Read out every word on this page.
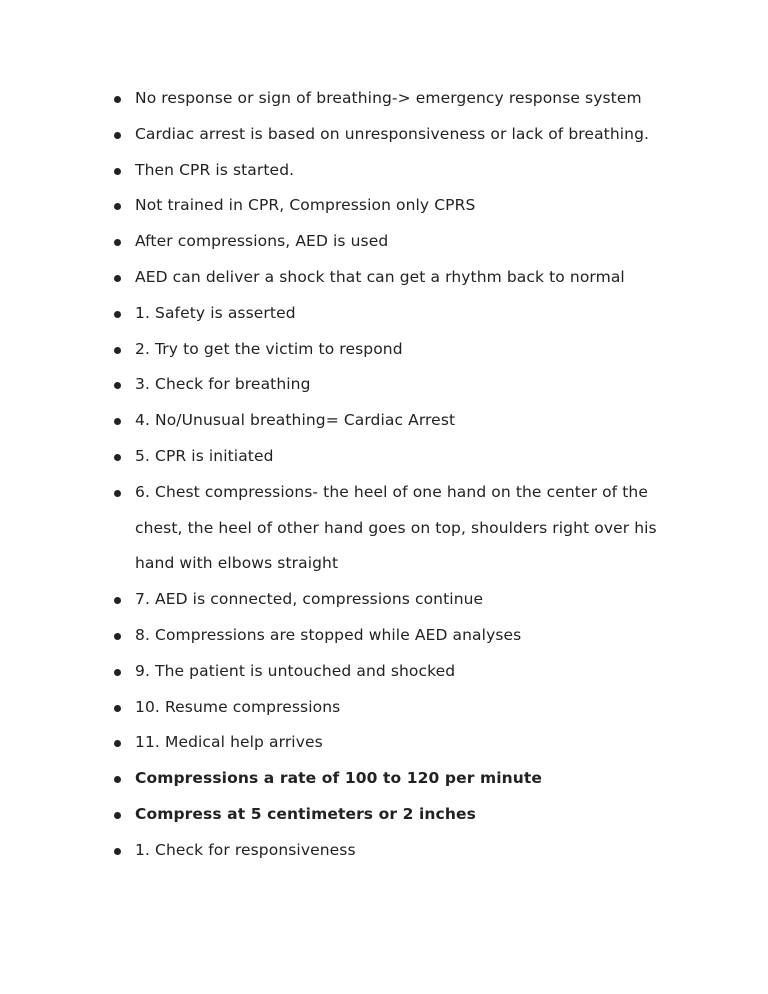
No response or sign of breathing-> emergency response system
Cardiac arrest is based on unresponsiveness or lack of breathing.
Then CPR is started.
Not trained in CPR, Compression only CPRS
After compressions, AED is used
AED can deliver a shock that can get a rhythm back to normal
1. Safety is asserted
2. Try to get the victim to respond
3. Check for breathing
4. No/Unusual breathing= Cardiac Arrest
5. CPR is initiated
6. Chest compressions- the heel of one hand on the center of the chest, the heel of other hand goes on top, shoulders right over his hand with elbows straight
7. AED is connected, compressions continue
8. Compressions are stopped while AED analyses
9. The patient is untouched and shocked
10. Resume compressions
11. Medical help arrives
Compressions a rate of 100 to 120 per minute
Compress at 5 centimeters or 2 inches
1. Check for responsiveness
